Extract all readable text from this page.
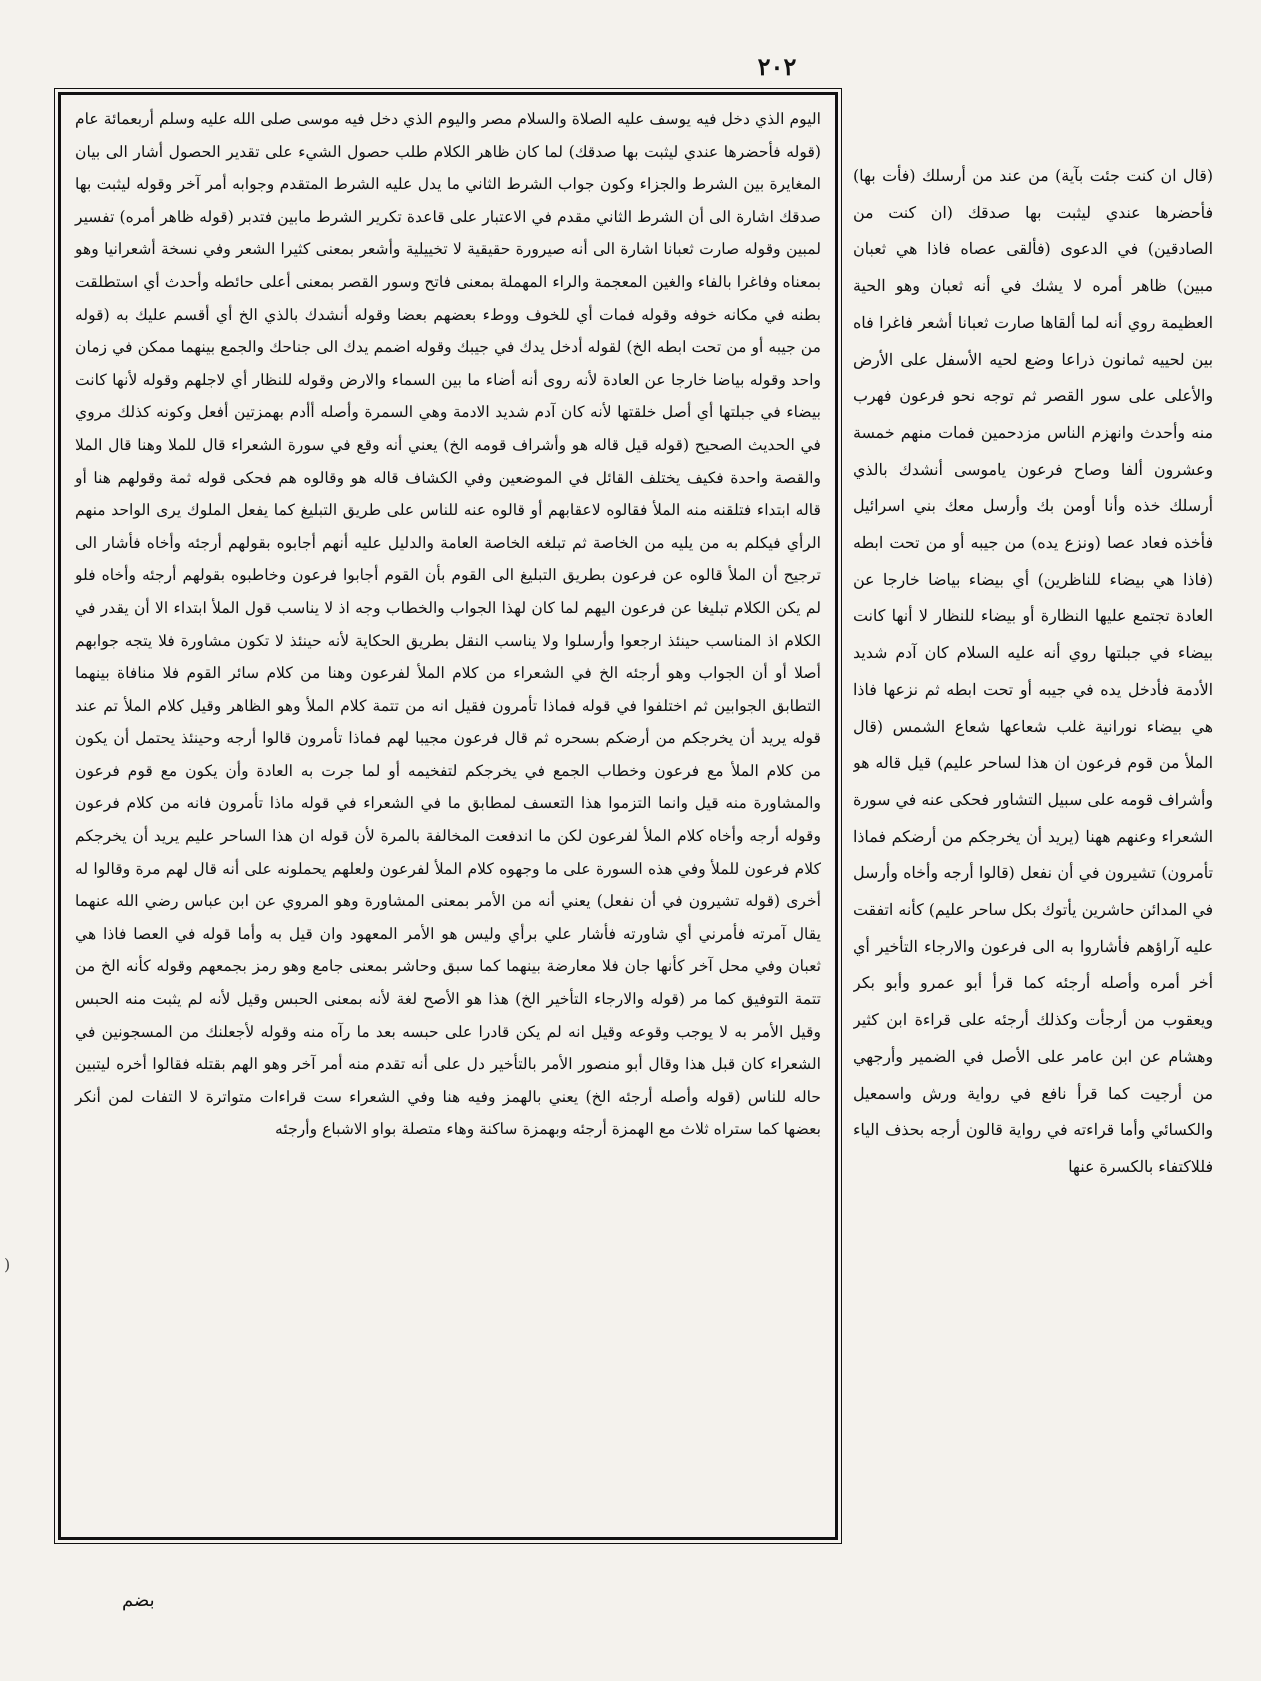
٢٠٢

اليوم الذي دخل فيه يوسف عليه الصلاة والسلام مصر واليوم الذي دخل فيه موسى صلى الله عليه وسلم أربعمائة عام (قوله فأحضرها عندي ليثبت بها صدقك) لما كان ظاهر الكلام طلب حصول الشيء على تقدير الحصول أشار الى بيان المغايرة بين الشرط والجزاء وكون جواب الشرط الثاني ما يدل عليه الشرط المتقدم وجوابه أمر آخر وقوله ليثبت بها صدقك اشارة الى أن الشرط الثاني مقدم في الاعتبار على قاعدة تكرير الشرط مابين فتدبر (قوله ظاهر أمره) تفسير لمبين وقوله صارت ثعبانا اشارة الى أنه صيرورة حقيقية لا تخييلية وأشعر بمعنى كثيرا الشعر وفي نسخة أشعرانيا وهو بمعناه وفاغرا بالفاء والغين المعجمة والراء المهملة بمعنى فاتح وسور القصر بمعنى أعلى حائطه وأحدث أي استطلقت بطنه في مكانه خوفه وقوله فمات أي للخوف ووطء بعضهم بعضا وقوله أنشدك بالذي الخ أي أقسم عليك به (قوله من جيبه أو من تحت ابطه الخ) لقوله أدخل يدك في جيبك وقوله اضمم يدك الى جناحك والجمع بينهما ممكن في زمان واحد وقوله بياضا خارجا عن العادة لأنه روى أنه أضاء ما بين السماء والارض وقوله للنظار أي لاجلهم وقوله لأنها كانت بيضاء في جبلتها أي أصل خلقتها لأنه كان آدم شديد الادمة وهي السمرة وأصله أأدم بهمزتين أفعل وكونه كذلك مروي في الحديث الصحيح (قوله قيل قاله هو وأشراف قومه الخ) يعني أنه وقع في سورة الشعراء قال للملا وهنا قال الملا والقصة واحدة فكيف يختلف القائل في الموضعين وفي الكشاف قاله هو وقالوه هم فحكى قوله ثمة وقولهم هنا أو قاله ابتداء فتلقنه منه الملأ فقالوه لاعقابهم أو قالوه عنه للناس على طريق التبليغ كما يفعل الملوك يرى الواحد منهم الرأي فيكلم به من يليه من الخاصة ثم تبلغه الخاصة العامة والدليل عليه أنهم أجابوه بقولهم أرجئه وأخاه فأشار الى ترجيح أن الملأ قالوه عن فرعون بطريق التبليغ الى القوم بأن القوم أجابوا فرعون وخاطبوه بقولهم أرجئه وأخاه فلو لم يكن الكلام تبليغا عن فرعون اليهم لما كان لهذا الجواب والخطاب وجه اذ لا يناسب قول الملأ ابتداء الا أن يقدر في الكلام اذ المناسب حينئذ ارجعوا وأرسلوا ولا يناسب النقل بطريق الحكاية لأنه حينئذ لا تكون مشاورة فلا يتجه جوابهم أصلا أو أن الجواب وهو أرجئه الخ في الشعراء من كلام الملأ لفرعون وهنا من كلام سائر القوم فلا منافاة بينهما التطابق الجوابين ثم اختلفوا في قوله فماذا تأمرون فقيل انه من تتمة كلام الملأ وهو الظاهر وقيل كلام الملأ تم عند قوله يريد أن يخرجكم من أرضكم بسحره ثم قال فرعون مجيبا لهم فماذا تأمرون قالوا أرجه وحينئذ يحتمل أن يكون من كلام الملأ مع فرعون وخطاب الجمع في يخرجكم لتفخيمه أو لما جرت به العادة وأن يكون مع قوم فرعون والمشاورة منه قيل وانما التزموا هذا التعسف لمطابق ما في الشعراء في قوله ماذا تأمرون فانه من كلام فرعون وقوله أرجه وأخاه كلام الملأ لفرعون لكن ما اندفعت المخالفة بالمرة لأن قوله ان هذا الساحر عليم يريد أن يخرجكم كلام فرعون للملأ وفي هذه السورة على ما وجهوه كلام الملأ لفرعون ولعلهم يحملونه على أنه قال لهم مرة وقالوا له أخرى (قوله تشيرون في أن نفعل) يعني أنه من الأمر بمعنى المشاورة وهو المروي عن ابن عباس رضي الله عنهما يقال آمرته فأمرني أي شاورته فأشار علي برأي وليس هو الأمر المعهود وان قيل به وأما قوله في العصا فاذا هي ثعبان وفي محل آخر كأنها جان فلا معارضة بينهما كما سبق وحاشر بمعنى جامع وهو رمز بجمعهم وقوله كأنه الخ من تتمة التوفيق كما مر (قوله والارجاء التأخير الخ) هذا هو الأصح لغة لأنه بمعنى الحبس وقيل لأنه لم يثبت منه الحبس وقيل الأمر به لا يوجب وقوعه وقيل انه لم يكن قادرا على حبسه بعد ما رآه منه وقوله لأجعلنك من المسجونين في الشعراء كان قبل هذا وقال أبو منصور الأمر بالتأخير دل على أنه تقدم منه أمر آخر وهو الهم بقتله فقالوا أخره ليتبين حاله للناس (قوله وأصله أرجئه الخ) يعني بالهمز وفيه هنا وفي الشعراء ست قراءات متواترة لا التفات لمن أنكر بعضها كما ستراه ثلاث مع الهمزة أرجئه وبهمزة ساكنة وهاء متصلة بواو الاشباع وأرجئه

(قال ان كنت جئت بآية) من عند من أرسلك (فأت بها) فأحضرها عندي ليثبت بها صدقك (ان كنت من الصادقين) في الدعوى (فألقى عصاه فاذا هي ثعبان مبين) ظاهر أمره لا يشك في أنه ثعبان وهو الحية العظيمة روي أنه لما ألقاها صارت ثعبانا أشعر فاغرا فاه بين لحييه ثمانون ذراعا وضع لحيه الأسفل على الأرض والأعلى على سور القصر ثم توجه نحو فرعون فهرب منه وأحدث وانهزم الناس مزدحمين فمات منهم خمسة وعشرون ألفا وصاح فرعون ياموسى أنشدك بالذي أرسلك خذه وأنا أومن بك وأرسل معك بني اسرائيل فأخذه فعاد عصا (ونزع يده) من جيبه أو من تحت ابطه (فاذا هي بيضاء للناظرين) أي بيضاء بياضا خارجا عن العادة تجتمع عليها النظارة أو بيضاء للنظار لا أنها كانت بيضاء في جبلتها روي أنه عليه السلام كان آدم شديد الأدمة فأدخل يده في جيبه أو تحت ابطه ثم نزعها فاذا هي بيضاء نورانية غلب شعاعها شعاع الشمس (قال الملأ من قوم فرعون ان هذا لساحر عليم) قيل قاله هو وأشراف قومه على سبيل التشاور فحكى عنه في سورة الشعراء وعنهم ههنا (يريد أن يخرجكم من أرضكم فماذا تأمرون) تشيرون في أن نفعل (قالوا أرجه وأخاه وأرسل في المدائن حاشرين يأتوك بكل ساحر عليم) كأنه اتفقت عليه آراؤهم فأشاروا به الى فرعون والارجاء التأخير أي أخر أمره وأصله أرجئه كما قرأ أبو عمرو وأبو بكر ويعقوب من أرجأت وكذلك أرجئه على قراءة ابن كثير وهشام عن ابن عامر على الأصل في الضمير وأرجهي من أرجيت كما قرأ نافع في رواية ورش واسمعيل والكسائي وأما قراءته في رواية قالون أرجه بحذف الياء فللاكتفاء بالكسرة عنها

بضم
)
